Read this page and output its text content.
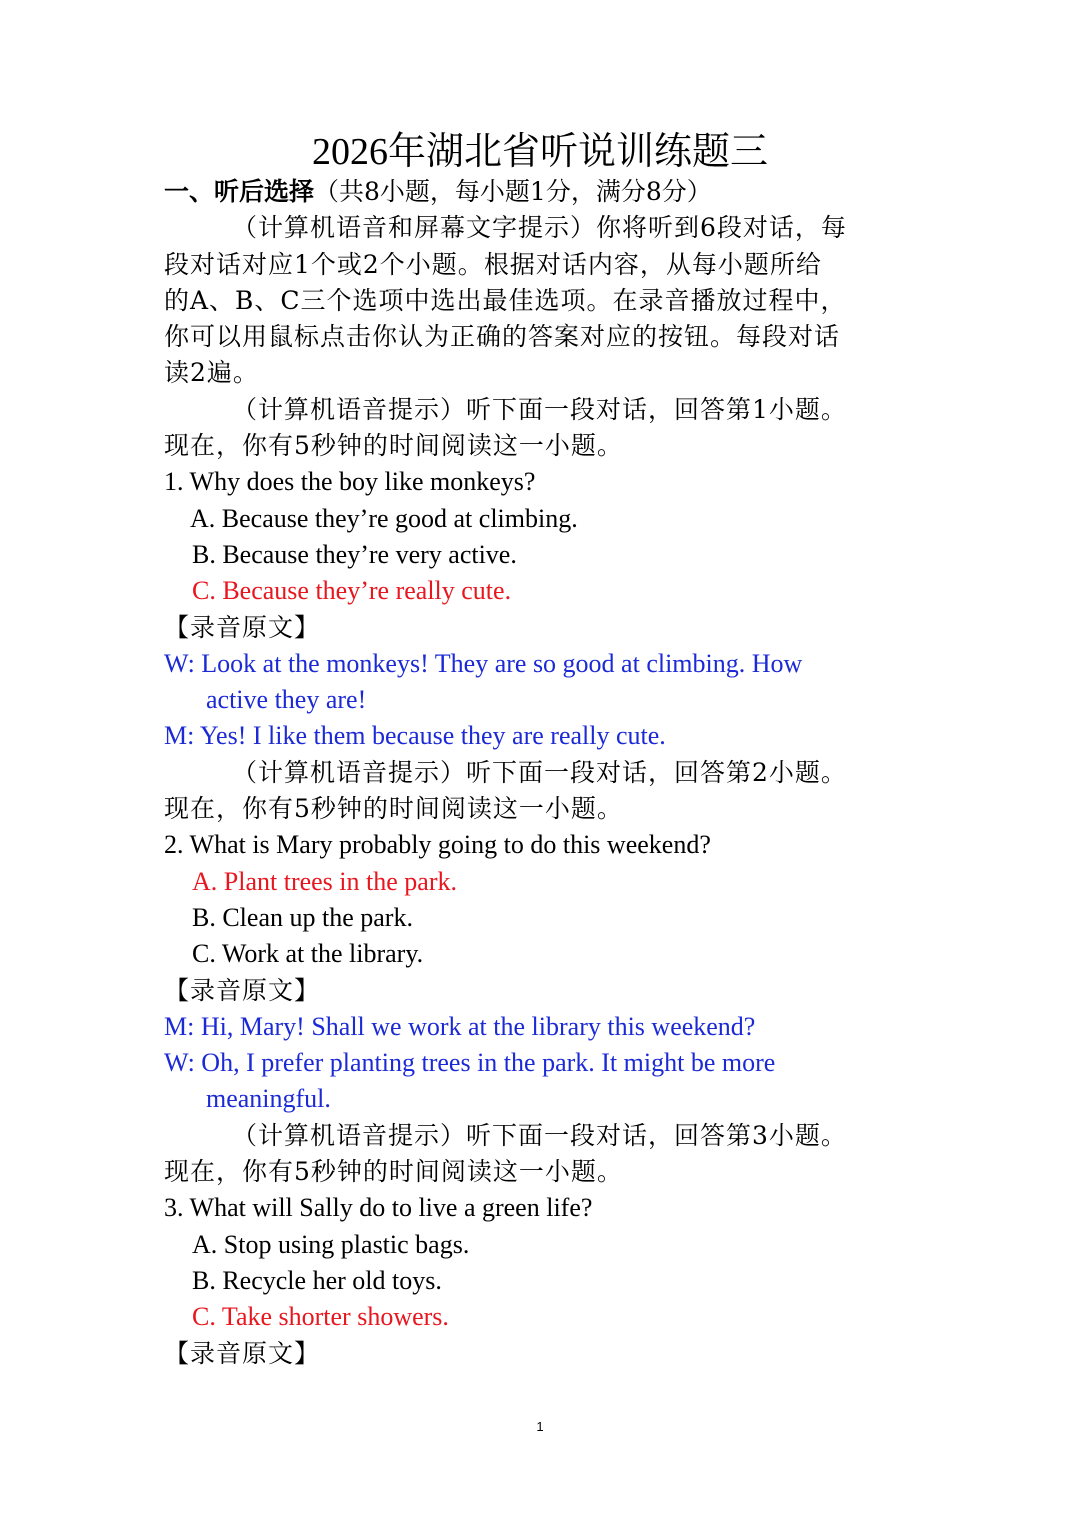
2026年湖北省听说训练题三
一、听后选择（共8小题，每小题1分，满分8分）
（计算机语音和屏幕文字提示）你将听到6段对话，每
段对话对应1个或2个小题。根据对话内容，从每小题所给
的A、B、C三个选项中选出最佳选项。在录音播放过程中，
你可以用鼠标点击你认为正确的答案对应的按钮。每段对话
读2遍。
（计算机语音提示）听下面一段对话，回答第1小题。
现在，你有5秒钟的时间阅读这一小题。
1. Why does the boy like monkeys?
A. Because they’re good at climbing.
B. Because they’re very active.
C. Because they’re really cute.
【录音原文】
W: Look at the monkeys! They are so good at climbing. How
active they are!
M: Yes! I like them because they are really cute.
（计算机语音提示）听下面一段对话，回答第2小题。
现在，你有5秒钟的时间阅读这一小题。
2. What is Mary probably going to do this weekend?
A. Plant trees in the park.
B. Clean up the park.
C. Work at the library.
【录音原文】
M: Hi, Mary! Shall we work at the library this weekend?
W: Oh, I prefer planting trees in the park. It might be more
meaningful.
（计算机语音提示）听下面一段对话，回答第3小题。
现在，你有5秒钟的时间阅读这一小题。
3. What will Sally do to live a green life?
A. Stop using plastic bags.
B. Recycle her old toys.
C. Take shorter showers.
【录音原文】
1
